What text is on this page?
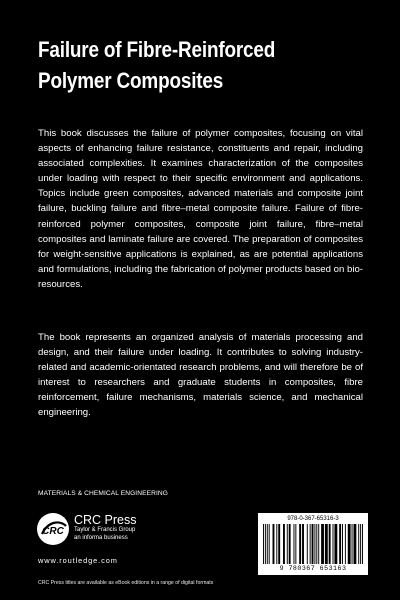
Failure of Fibre-Reinforced
Polymer Composites

This book discusses the failure of polymer composites, focusing on vital aspects of enhancing failure resistance, constituents and repair, including associated complexities. It examines characterization of the composites under loading with respect to their specific environment and applications. Topics include green composites, advanced materials and composite joint failure, buckling failure and fibre–metal composite failure. Failure of fibre-reinforced polymer composites, composite joint failure, fibre–metal composites and laminate failure are covered. The preparation of composites for weight-sensitive applications is explained, as are potential applications and formulations, including the fabrication of polymer products based on bio-resources.

The book represents an organized analysis of materials processing and design, and their failure under loading. It contributes to solving industry-related and academic-orientated research problems, and will therefore be of interest to researchers and graduate students in composites, fibre reinforcement, failure mechanisms, materials science, and mechanical engineering.

MATERIALS & CHEMICAL ENGINEERING
CRC
CRC Press
Taylor & Francis Group
an informa business
www.routledge.com
CRC Press titles are available as eBook editions in a range of digital formats
978-0-367-65316-3
9 780367 653163
